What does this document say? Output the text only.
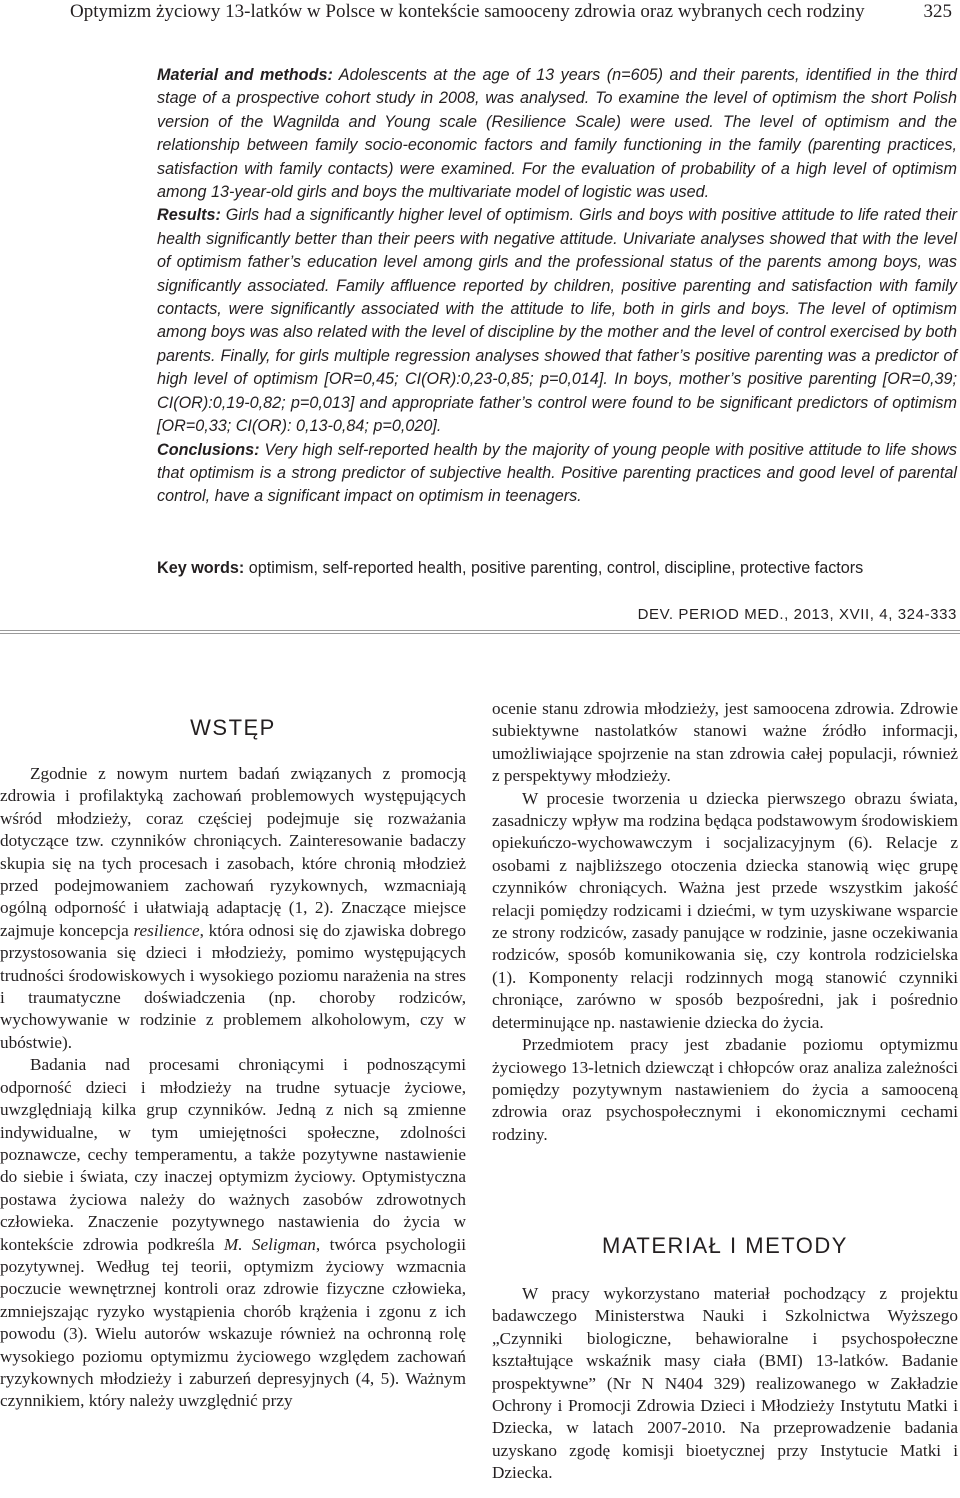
Optymizm życiowy 13-latków w Polsce w kontekście samooceny zdrowia oraz wybranych cech rodziny	325

Material and methods: Adolescents at the age of 13 years (n=605) and their parents, identified in the third stage of a prospective cohort study in 2008, was analysed. To examine the level of optimism the short Polish version of the Wagnilda and Young scale (Resilience Scale) were used. The level of optimism and the relationship between family socio-economic factors and family functioning in the family (parenting practices, satisfaction with family contacts) were examined. For the evaluation of probability of a high level of optimism among 13-year-old girls and boys the multivariate model of logistic was used.
Results: Girls had a significantly higher level of optimism. Girls and boys with positive attitude to life rated their health significantly better than their peers with negative attitude. Univariate analyses showed that with the level of optimism father’s education level among girls and the professional status of the parents among boys, was significantly associated. Family affluence reported by children, positive parenting and satisfaction with family contacts, were significantly associated with the attitude to life, both in girls and boys. The level of optimism among boys was also related with the level of discipline by the mother and the level of control exercised by both parents. Finally, for girls multiple regression analyses showed that father’s positive parenting was a predictor of high level of optimism [OR=0,45; CI(OR):0,23-0,85; p=0,014]. In boys, mother’s positive parenting [OR=0,39; CI(OR):0,19-0,82; p=0,013] and appropriate father’s control were found to be significant predictors of optimism [OR=0,33; CI(OR): 0,13-0,84; p=0,020].
Conclusions: Very high self-reported health by the majority of young people with positive attitude to life shows that optimism is a strong predictor of subjective health. Positive parenting practices and good level of parental control, have a significant impact on optimism in teenagers.

Key words: optimism, self-reported health, positive parenting, control, discipline, protective factors
DEV. PERIOD MED., 2013, XVII, 4, 324‑333
WSTĘP

Zgodnie z nowym nurtem badań związanych z promocją zdrowia i profilaktyką zachowań problemowych występujących wśród młodzieży, coraz częściej podejmuje się rozważania dotyczące tzw. czynników chroniących. Zainteresowanie badaczy skupia się na tych procesach i zasobach, które chronią młodzież przed podejmowaniem zachowań ryzykownych, wzmacniają ogólną odporność i ułatwiają adaptację (1, 2). Znaczące miejsce zajmuje koncepcja resilience, która odnosi się do zjawiska dobrego przystosowania się dzieci i młodzieży, pomimo występujących trudności środowiskowych i wysokiego poziomu narażenia na stres i traumatyczne doświadczenia (np. choroby rodziców, wychowywanie w rodzinie z problemem alkoholowym, czy w ubóstwie).

Badania nad procesami chroniącymi i podnoszącymi odporność dzieci i młodzieży na trudne sytuacje życiowe, uwzględniają kilka grup czynników. Jedną z nich są zmienne indywidualne, w tym umiejętności społeczne, zdolności poznawcze, cechy temperamentu, a także pozytywne nastawienie do siebie i świata, czy inaczej optymizm życiowy. Optymistyczna postawa życiowa należy do ważnych zasobów zdrowotnych człowieka. Znaczenie pozytywnego nastawienia do życia w kontekście zdrowia podkreśla M. Seligman, twórca psychologii pozytywnej. Według tej teorii, optymizm życiowy wzmacnia poczucie wewnętrznej kontroli oraz zdrowie fizyczne człowieka, zmniejszając ryzyko wystąpienia chorób krążenia i zgonu z ich powodu (3). Wielu autorów wskazuje również na ochronną rolę wysokiego poziomu optymizmu życiowego względem zachowań ryzykownych młodzieży i zaburzeń depresyjnych (4, 5). Ważnym czynnikiem, który należy uwzględnić przy

ocenie stanu zdrowia młodzieży, jest samoocena zdrowia. Zdrowie subiektywne nastolatków stanowi ważne źródło informacji, umożliwiające spojrzenie na stan zdrowia całej populacji, również z perspektywy młodzieży.

W procesie tworzenia u dziecka pierwszego obrazu świata, zasadniczy wpływ ma rodzina będąca podstawowym środowiskiem opiekuńczo-wychowawczym i socjalizacyjnym (6). Relacje z osobami z najbliższego otoczenia dziecka stanowią więc grupę czynników chroniących. Ważna jest przede wszystkim jakość relacji pomiędzy rodzicami i dziećmi, w tym uzyskiwane wsparcie ze strony rodziców, zasady panujące w rodzinie, jasne oczekiwania rodziców, sposób komunikowania się, czy kontrola rodzicielska (1). Komponenty relacji rodzinnych mogą stanowić czynniki chroniące, zarówno w sposób bezpośredni, jak i pośrednio determinujące np. nastawienie dziecka do życia.

Przedmiotem pracy jest zbadanie poziomu optymizmu życiowego 13-letnich dziewcząt i chłopców oraz analiza zależności pomiędzy pozytywnym nastawieniem do życia a samooceną zdrowia oraz psychospołecznymi i ekonomicznymi cechami rodziny.

MATERIAŁ I METODY

W pracy wykorzystano materiał pochodzący z projektu badawczego Ministerstwa Nauki i Szkolnictwa Wyższego „Czynniki biologiczne, behawioralne i psychospołeczne kształtujące wskaźnik masy ciała (BMI) 13-latków. Badanie prospektywne” (Nr N N404 329) realizowanego w Zakładzie Ochrony i Promocji Zdrowia Dzieci i Młodzieży Instytutu Matki i Dziecka, w latach 2007-2010. Na przeprowadzenie badania uzyskano zgodę komisji bioetycznej przy Instytucie Matki i Dziecka.
